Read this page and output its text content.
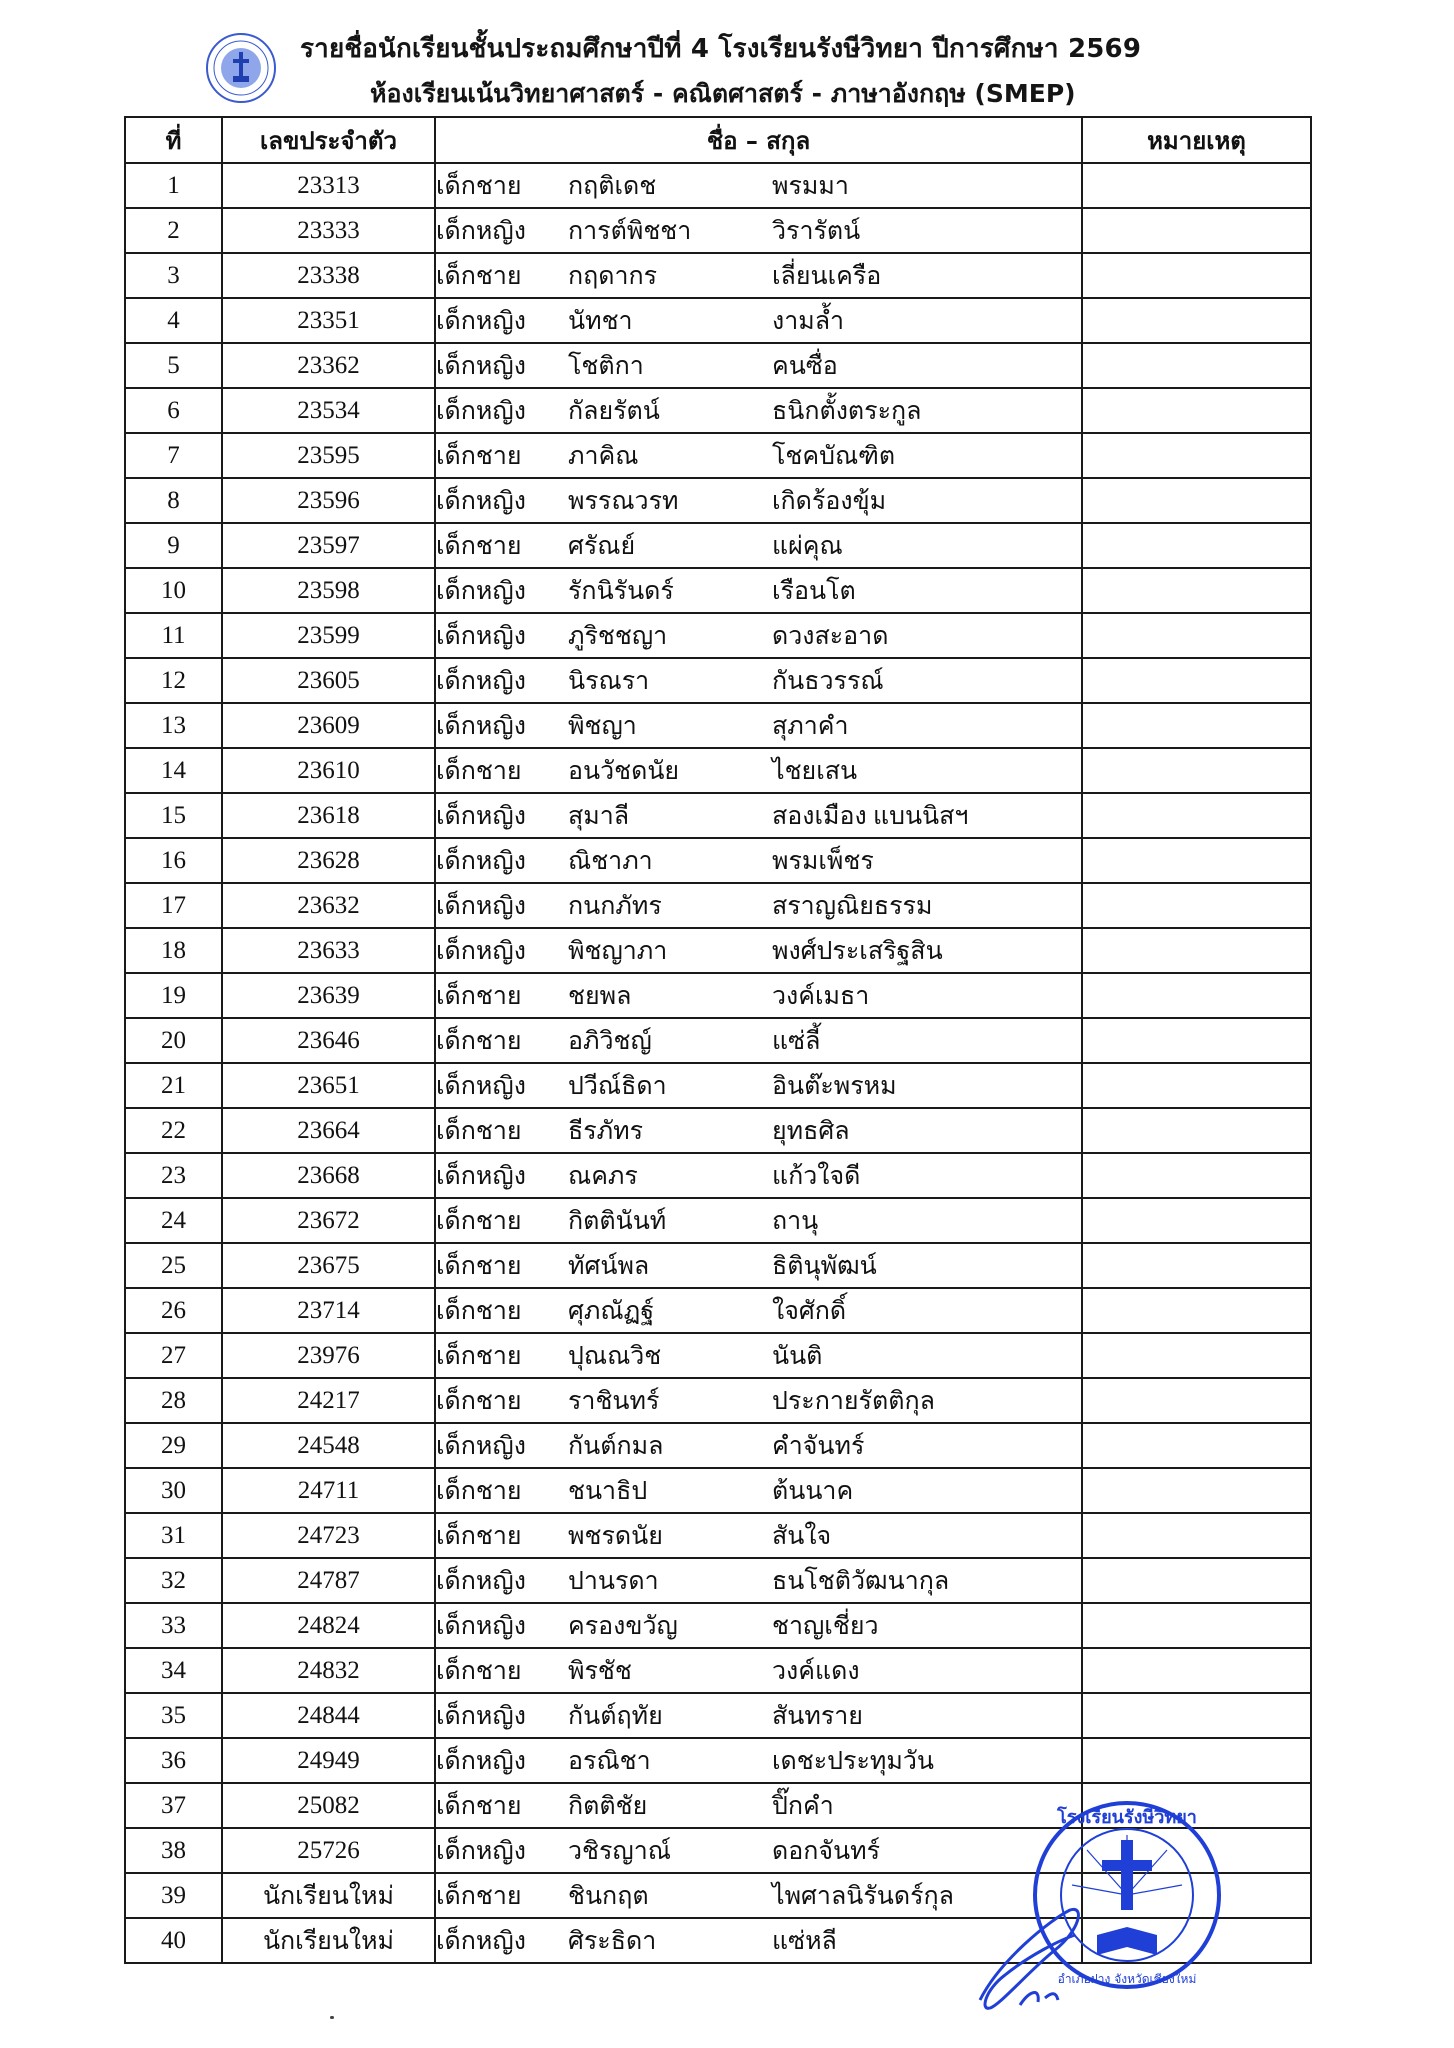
รายชื่อนักเรียนชั้นประถมศึกษาปีที่ 4 โรงเรียนรังษีวิทยา ปีการศึกษา 2569
ห้องเรียนเน้นวิทยาศาสตร์ - คณิตศาสตร์ - ภาษาอังกฤษ (SMEP)
ที่	เลขประจำตัว	ชื่อ – สกุล	หมายเหตุ
1	23313	เด็กชาย กฤติเดช พรมมา	
2	23333	เด็กหญิง การต์พิชชา วิรารัตน์	
3	23338	เด็กชาย กฤดากร เลี่ยนเครือ	
4	23351	เด็กหญิง นัทชา งามล้ำ	
5	23362	เด็กหญิง โชติกา คนซื่อ	
6	23534	เด็กหญิง กัลยรัตน์ ธนิกตั้งตระกูล	
7	23595	เด็กชาย ภาคิณ โชคบัณฑิต	
8	23596	เด็กหญิง พรรณวรท เกิดร้องขุ้ม	
9	23597	เด็กชาย ศรัณย์ แผ่คุณ	
10	23598	เด็กหญิง รักนิรันดร์ เรือนโต	
11	23599	เด็กหญิง ภูริชชญา ดวงสะอาด	
12	23605	เด็กหญิง นิรณรา กันธวรรณ์	
13	23609	เด็กหญิง พิชญา สุภาคำ	
14	23610	เด็กชาย อนวัชดนัย ไชยเสน	
15	23618	เด็กหญิง สุมาลี สองเมือง แบนนิสฯ	
16	23628	เด็กหญิง ณิชาภา พรมเพ็ชร	
17	23632	เด็กหญิง กนกภัทร สราญณิยธรรม	
18	23633	เด็กหญิง พิชญาภา พงศ์ประเสริฐสิน	
19	23639	เด็กชาย ชยพล วงค์เมธา	
20	23646	เด็กชาย อภิวิชญ์ แซ่ลี้	
21	23651	เด็กหญิง ปวีณ์ธิดา อินต๊ะพรหม	
22	23664	เด็กชาย ธีรภัทร ยุทธศิล	
23	23668	เด็กหญิง ณคภร แก้วใจดี	
24	23672	เด็กชาย กิตตินันท์ ถานุ	
25	23675	เด็กชาย ทัศน์พล ธิตินุพัฒน์	
26	23714	เด็กชาย ศุภณัฏฐ์ ใจศักดิ์	
27	23976	เด็กชาย ปุณณวิช นันติ	
28	24217	เด็กชาย ราชินทร์ ประกายรัตติกุล	
29	24548	เด็กหญิง กันต์กมล คำจันทร์	
30	24711	เด็กชาย ชนาธิป ต้นนาค	
31	24723	เด็กชาย พชรดนัย สันใจ	
32	24787	เด็กหญิง ปานรดา ธนโชติวัฒนากุล	
33	24824	เด็กหญิง ครองขวัญ ชาญเชี่ยว	
34	24832	เด็กชาย พิรชัช วงค์แดง	
35	24844	เด็กหญิง กันต์ฤทัย สันทราย	
36	24949	เด็กหญิง อรณิชา เดชะประทุมวัน	
37	25082	เด็กชาย กิตติชัย ปิ๊กคำ	
38	25726	เด็กหญิง วชิรญาณ์ ดอกจันทร์	
39	นักเรียนใหม่	เด็กชาย ชินกฤต ไพศาลนิรันดร์กุล	
40	นักเรียนใหม่	เด็กหญิง ศิระธิดา แซ่หลี	
โรงเรียนรังษีวิทยา
อำเภอฝาง จังหวัดเชียงใหม่
